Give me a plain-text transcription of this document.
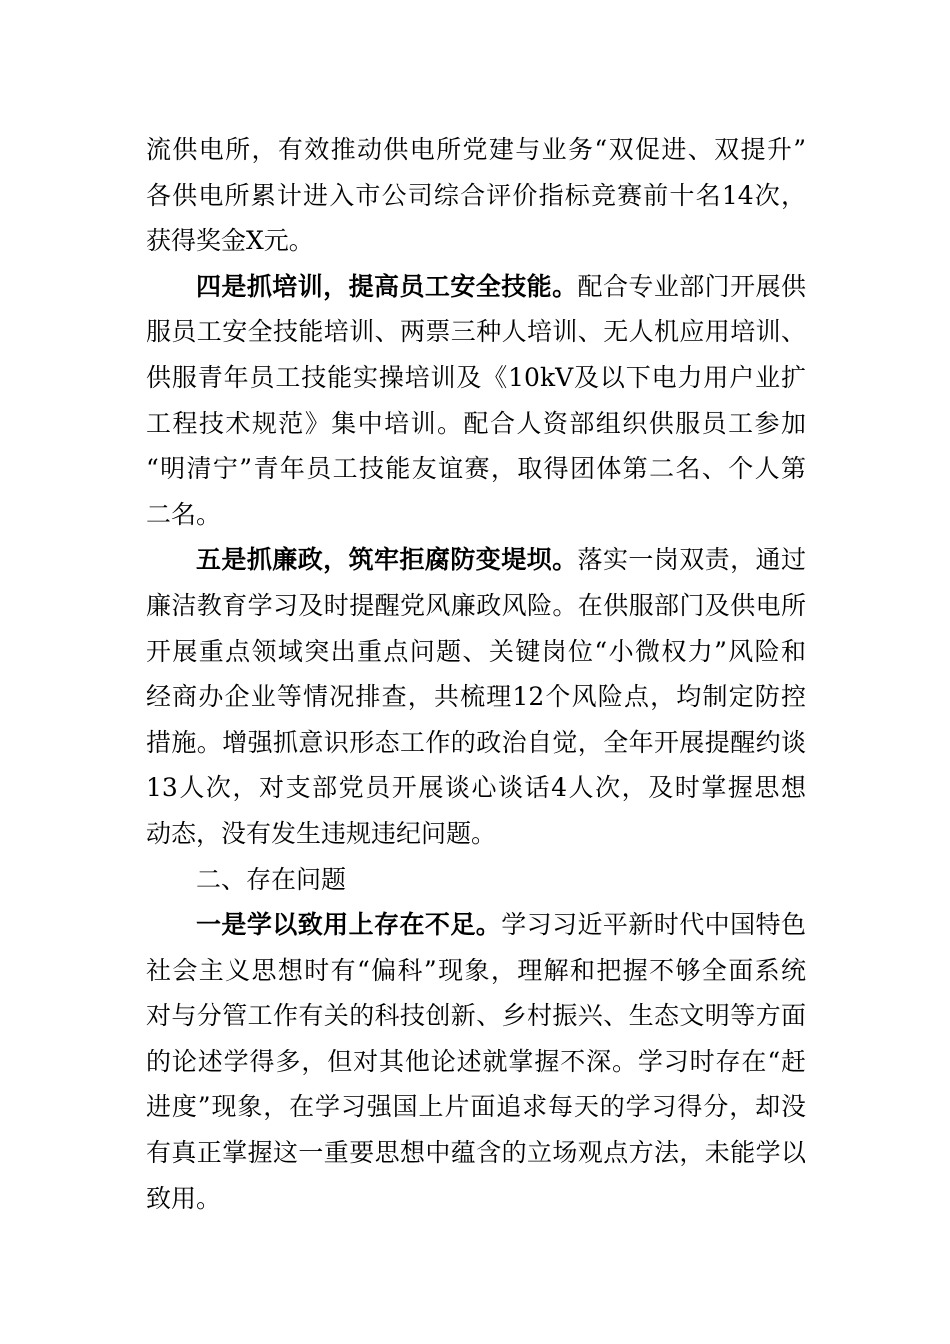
流供电所，有效推动供电所党建与业务“双促进、双提升”
各供电所累计进入市公司综合评价指标竞赛前十名14次，
获得奖金X元。
四是抓培训，提高员工安全技能。配合专业部门开展供
服员工安全技能培训、两票三种人培训、无人机应用培训、
供服青年员工技能实操培训及《10kV及以下电力用户业扩
工程技术规范》集中培训。配合人资部组织供服员工参加
“明清宁”青年员工技能友谊赛，取得团体第二名、个人第
二名。
五是抓廉政，筑牢拒腐防变堤坝。落实一岗双责，通过
廉洁教育学习及时提醒党风廉政风险。在供服部门及供电所
开展重点领域突出重点问题、关键岗位“小微权力”风险和
经商办企业等情况排查，共梳理12个风险点，均制定防控
措施。增强抓意识形态工作的政治自觉，全年开展提醒约谈
13人次，对支部党员开展谈心谈话4人次，及时掌握思想
动态，没有发生违规违纪问题。
二、存在问题
一是学以致用上存在不足。学习习近平新时代中国特色
社会主义思想时有“偏科”现象，理解和把握不够全面系统
对与分管工作有关的科技创新、乡村振兴、生态文明等方面
的论述学得多，但对其他论述就掌握不深。学习时存在“赶
进度”现象，在学习强国上片面追求每天的学习得分，却没
有真正掌握这一重要思想中蕴含的立场观点方法，未能学以
致用。
